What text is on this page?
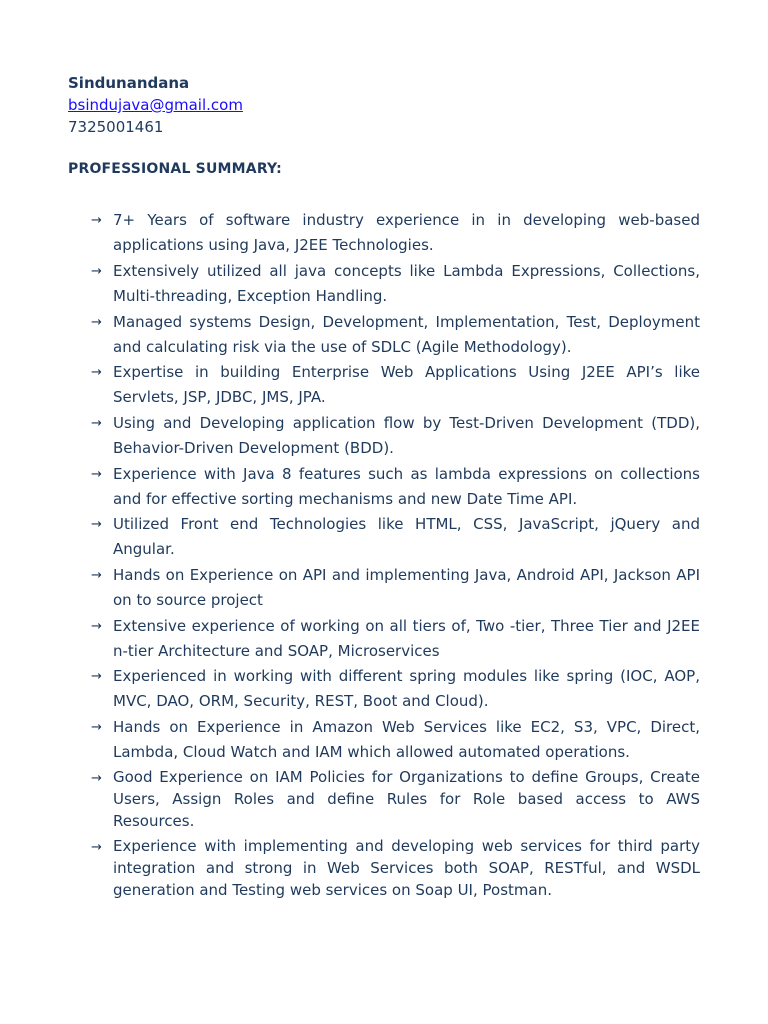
Sindunandana
bsindujava@gmail.com
7325001461
PROFESSIONAL SUMMARY:
→ 7+ Years of software industry experience in in developing web-based applications using Java, J2EE Technologies.
→ Extensively utilized all java concepts like Lambda Expressions, Collections, Multi-threading, Exception Handling.
→ Managed systems Design, Development, Implementation, Test, Deployment and calculating risk via the use of SDLC (Agile Methodology).
→ Expertise in building Enterprise Web Applications Using J2EE API’s like Servlets, JSP, JDBC, JMS, JPA.
→ Using and Developing application flow by Test-Driven Development (TDD), Behavior-Driven Development (BDD).
→ Experience with Java 8 features such as lambda expressions on collections and for effective sorting mechanisms and new Date Time API.
→ Utilized Front end Technologies like HTML, CSS, JavaScript, jQuery and Angular.
→ Hands on Experience on API and implementing Java, Android API, Jackson API on to source project
→ Extensive experience of working on all tiers of, Two -tier, Three Tier and J2EE n-tier Architecture and SOAP, Microservices
→ Experienced in working with different spring modules like spring (IOC, AOP, MVC, DAO, ORM, Security, REST, Boot and Cloud).
→ Hands on Experience in Amazon Web Services like EC2, S3, VPC, Direct, Lambda, Cloud Watch and IAM which allowed automated operations.
→ Good Experience on IAM Policies for Organizations to define Groups, Create Users, Assign Roles and define Rules for Role based access to AWS Resources.
→ Experience with implementing and developing web services for third party integration and strong in Web Services both SOAP, RESTful, and WSDL generation and Testing web services on Soap UI, Postman.
